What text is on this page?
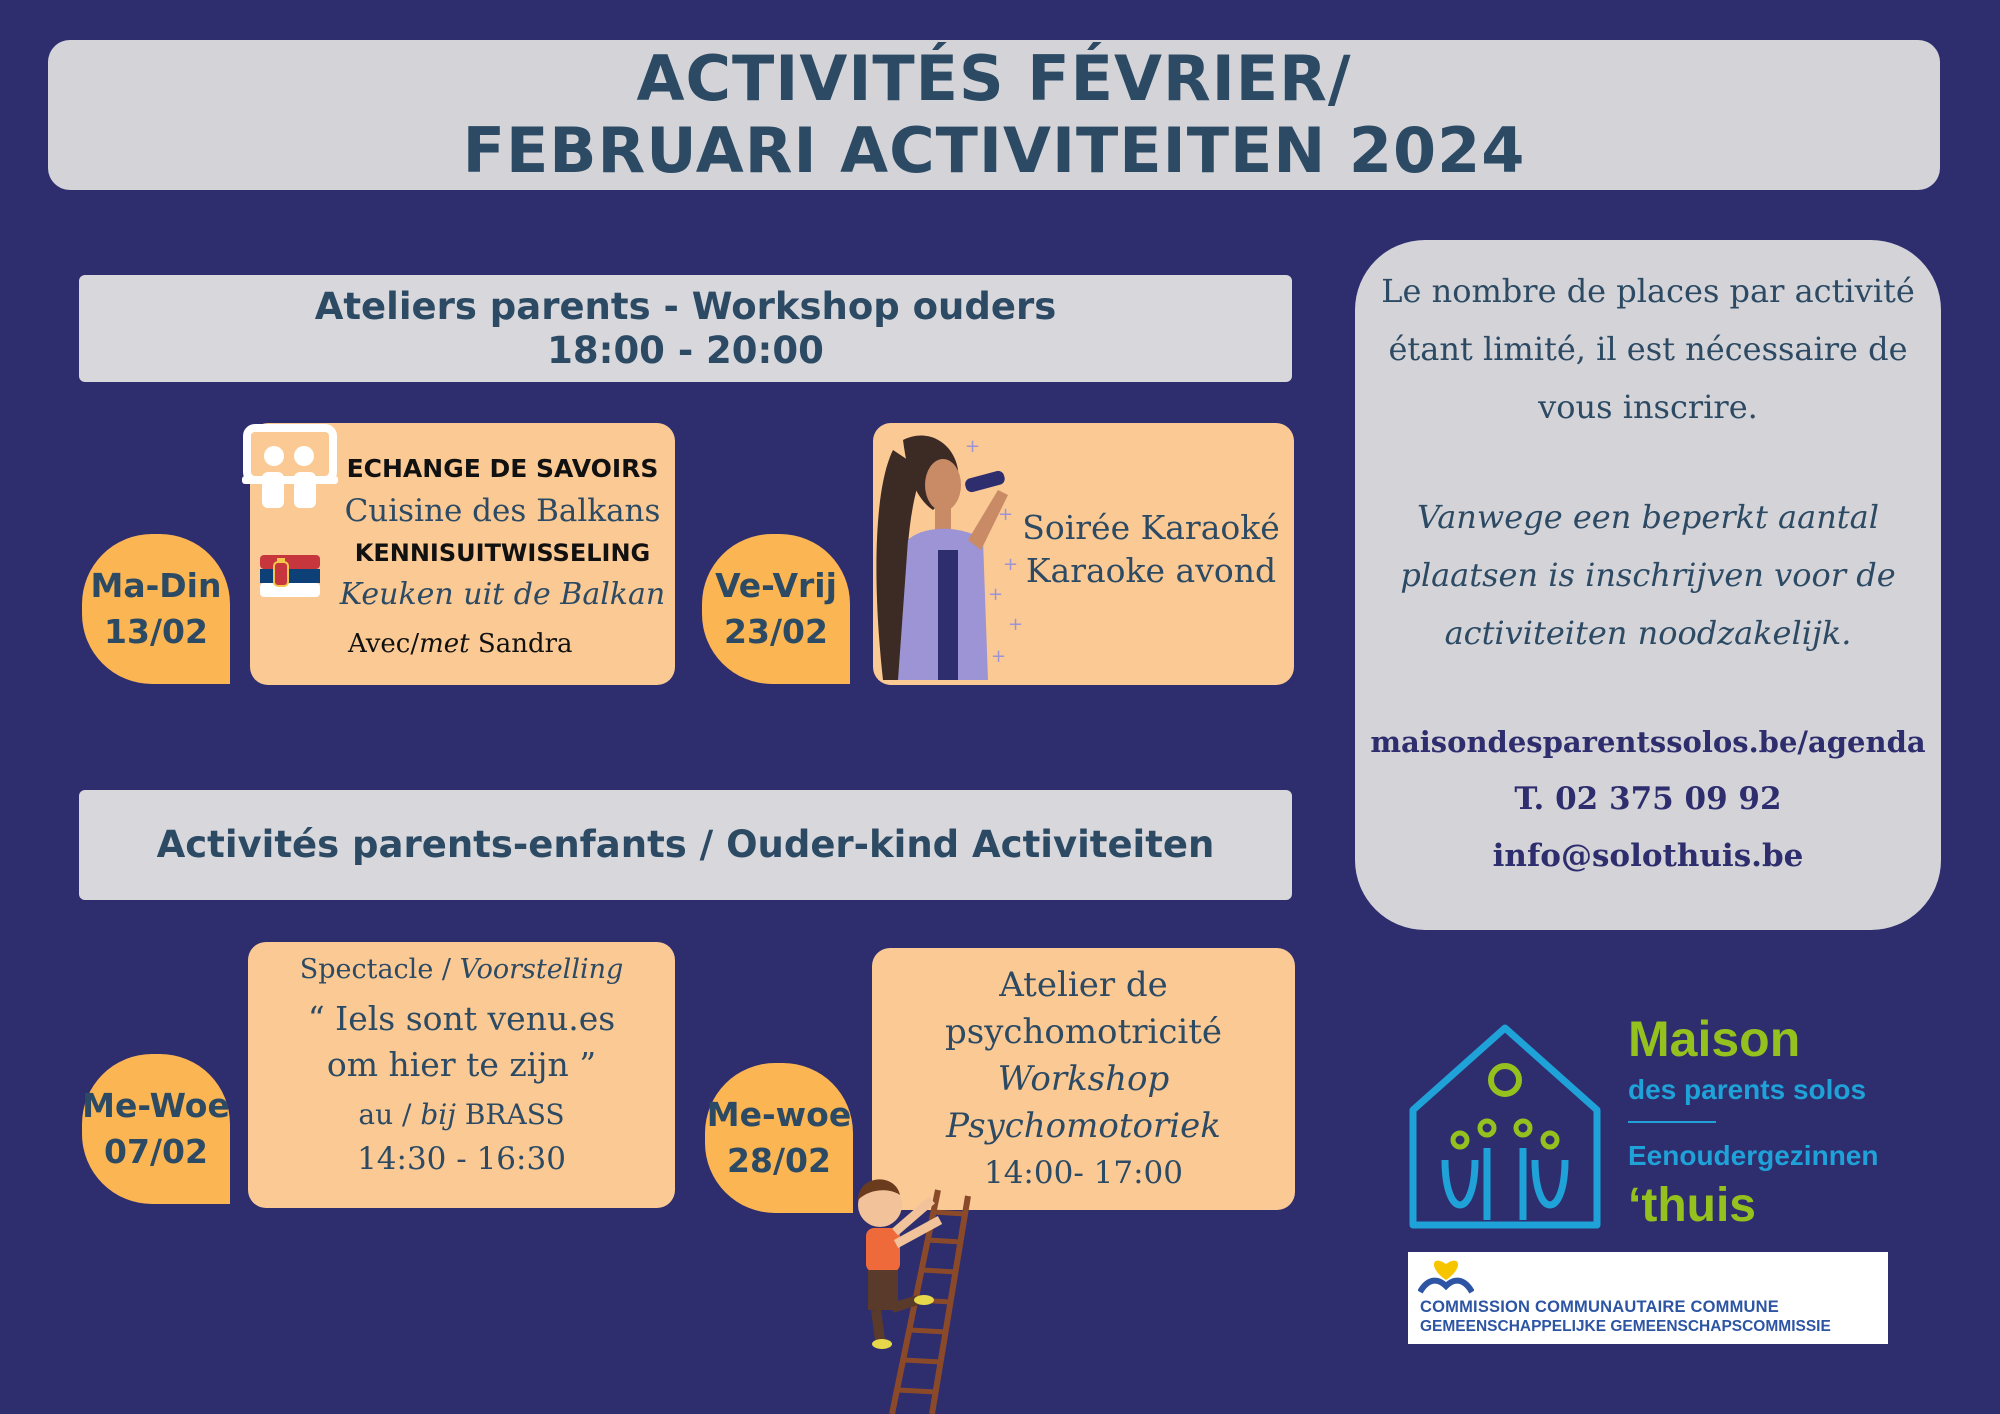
ACTIVITÉS FÉVRIER/
FEBRUARI ACTIVITEITEN 2024
Ateliers parents - Workshop ouders
18:00 - 20:00
Ma-Din
13/02
ECHANGE DE SAVOIRS
Cuisine des Balkans
KENNISUITWISSELING
Keuken uit de Balkan
Avec/met Sandra
Ve-Vrij
23/02
+
+
+
+
+
+
Soirée Karaoké
Karaoke avond
Activités parents-enfants / Ouder-kind Activiteiten
Me-Woe
07/02
Spectacle / Voorstelling
“ Iels sont venu.es
om hier te zijn ”
au / bij BRASS
14:30 - 16:30
Me-woe
28/02
Atelier de
psychomotricité
Workshop
Psychomotoriek
14:00- 17:00
Le nombre de places par activité
étant limité, il est nécessaire de
vous inscrire.
Vanwege een beperkt aantal
plaatsen is inschrijven voor de
activiteiten noodzakelijk.
maisondesparentssolos.be/agenda
T. 02 375 09 92
info@solothuis.be
Maison
des parents solos
Eenoudergezinnen
‘thuis
COMMISSION COMMUNAUTAIRE COMMUNE
GEMEENSCHAPPELIJKE GEMEENSCHAPSCOMMISSIE
